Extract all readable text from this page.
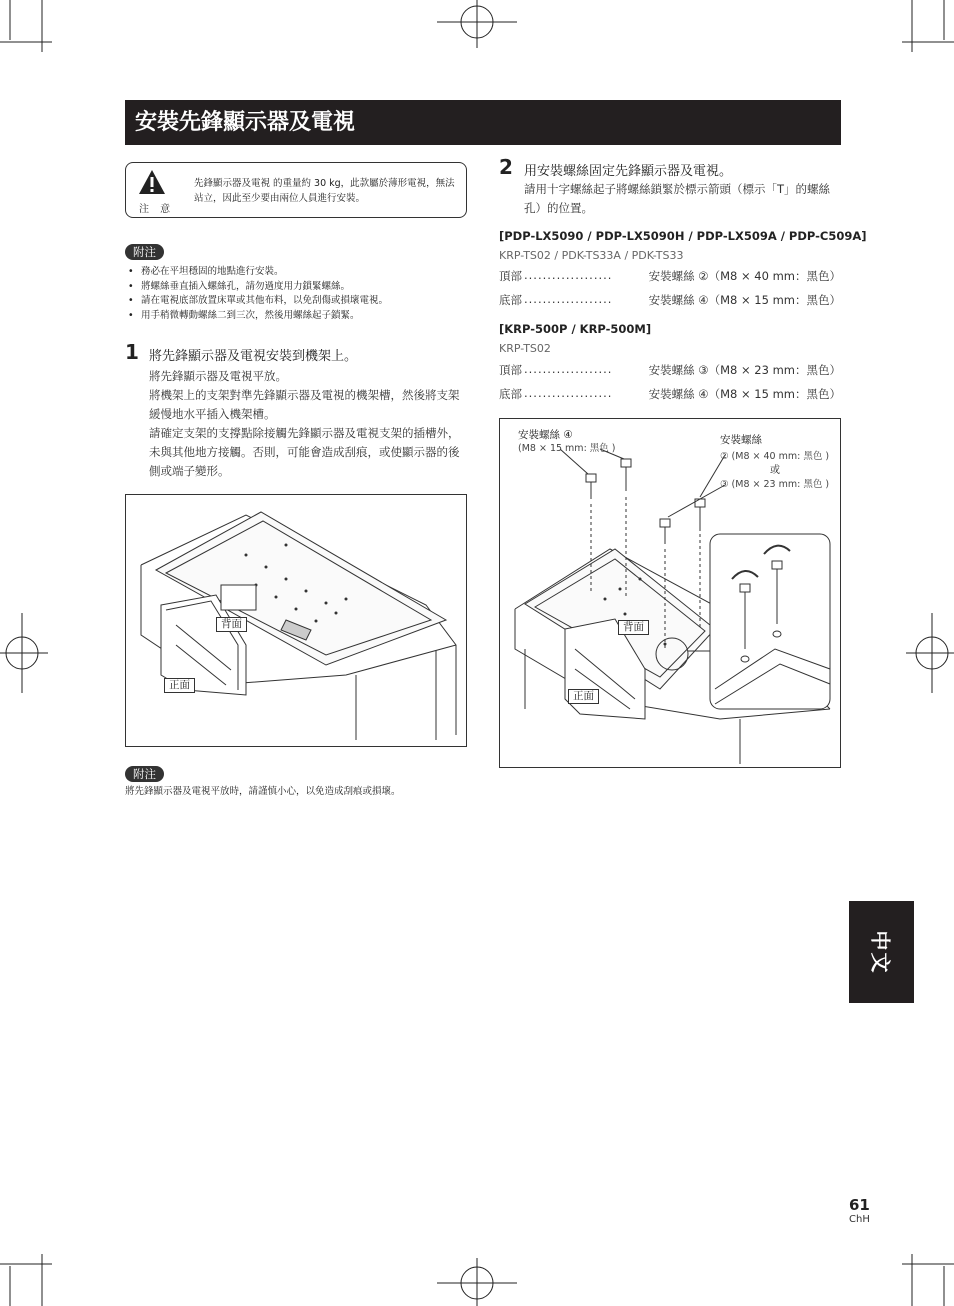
安裝先鋒顯示器及電視
注 意
先鋒顯示器及電視 的重量約 30 kg，此款屬於薄形電視，無法站立，因此至少要由兩位人員進行安裝。
附注
• 務必在平坦穩固的地點進行安裝。
• 將螺絲垂直插入螺絲孔，請勿過度用力鎖緊螺絲。
• 請在電視底部放置床單或其他布料，以免刮傷或損壞電視。
• 用手稍微轉動螺絲二到三次，然後用螺絲起子鎖緊。
1 將先鋒顯示器及電視安裝到機架上。
將先鋒顯示器及電視平放。
將機架上的支架對準先鋒顯示器及電視的機架槽，然後將支架緩慢地水平插入機架槽。
請確定支架的支撐點除接觸先鋒顯示器及電視支架的插槽外，未與其他地方接觸。否則，可能會造成刮痕，或使顯示器的後側或端子變形。
背面
正面
附注
將先鋒顯示器及電視平放時，請謹慎小心，以免造成刮痕或損壞。
2 用安裝螺絲固定先鋒顯示器及電視。
請用十字螺絲起子將螺絲鎖緊於標示箭頭（標示「T」的螺絲孔）的位置。
[PDP-LX5090 / PDP-LX5090H / PDP-LX509A / PDP-C509A]
KRP-TS02 / PDK-TS33A / PDK-TS33
頂部 ...................	安裝螺絲 ②（M8 × 40 mm：黑色）
底部 ...................	安裝螺絲 ④（M8 × 15 mm：黑色）
[KRP-500P / KRP-500M]
KRP-TS02
頂部 ...................	安裝螺絲 ③（M8 × 23 mm：黑色）
底部 ...................	安裝螺絲 ④（M8 × 15 mm：黑色）
安裝螺絲 ④
(M8 × 15 mm: 黑色 )
安裝螺絲
② (M8 × 40 mm: 黑色 )
或
③ (M8 × 23 mm: 黑色 )
背面
正面
中文
61
ChH
